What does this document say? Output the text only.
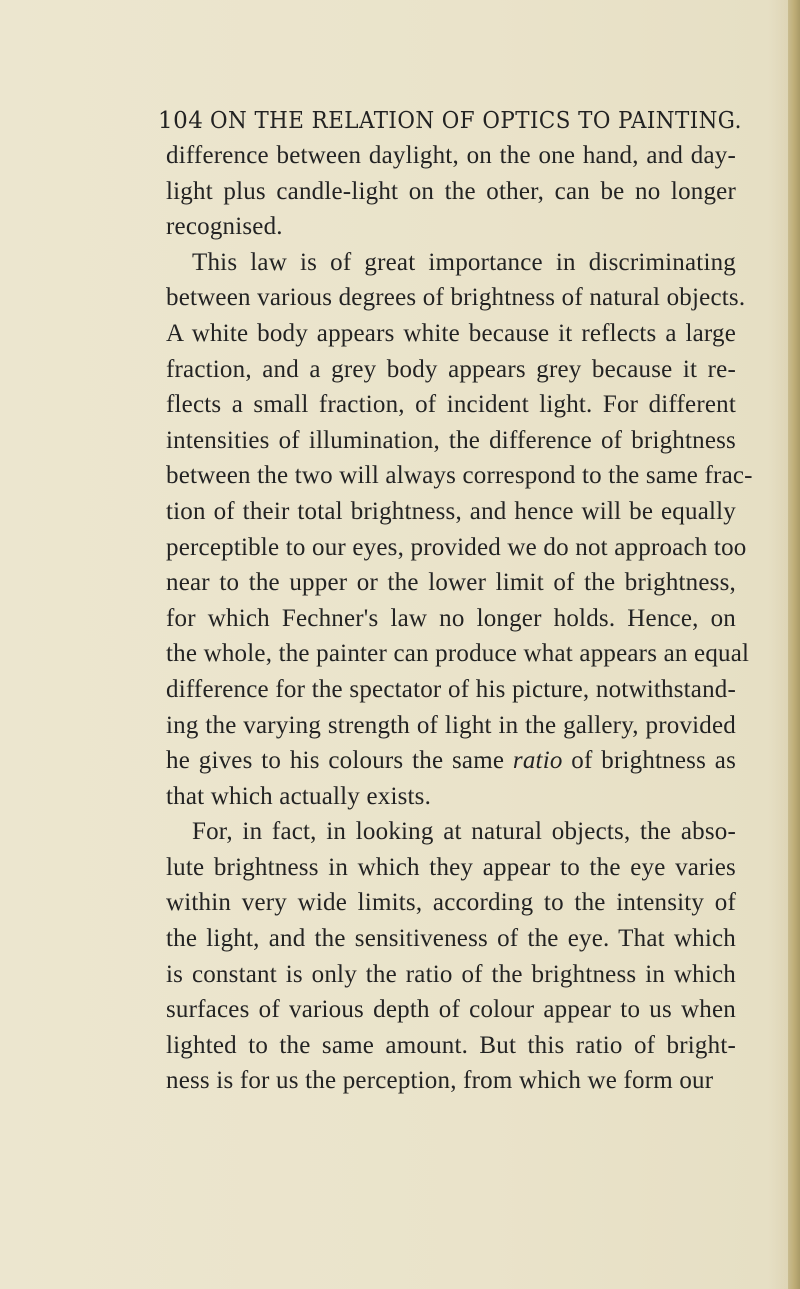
104 ON THE RELATION OF OPTICS TO PAINTING.
difference between daylight, on the one hand, and day-
light plus candle-light on the other, can be no longer
recognised.
This law is of great importance in discriminating
between various degrees of brightness of natural objects.
A white body appears white because it reflects a large
fraction, and a grey body appears grey because it re-
flects a small fraction, of incident light. For different
intensities of illumination, the difference of brightness
between the two will always correspond to the same frac-
tion of their total brightness, and hence will be equally
perceptible to our eyes, provided we do not approach too
near to the upper or the lower limit of the brightness,
for which Fechner's law no longer holds. Hence, on
the whole, the painter can produce what appears an equal
difference for the spectator of his picture, notwithstand-
ing the varying strength of light in the gallery, provided
he gives to his colours the same ratio of brightness as
that which actually exists.
For, in fact, in looking at natural objects, the abso-
lute brightness in which they appear to the eye varies
within very wide limits, according to the intensity of
the light, and the sensitiveness of the eye. That which
is constant is only the ratio of the brightness in which
surfaces of various depth of colour appear to us when
lighted to the same amount. But this ratio of bright-
ness is for us the perception, from which we form our
